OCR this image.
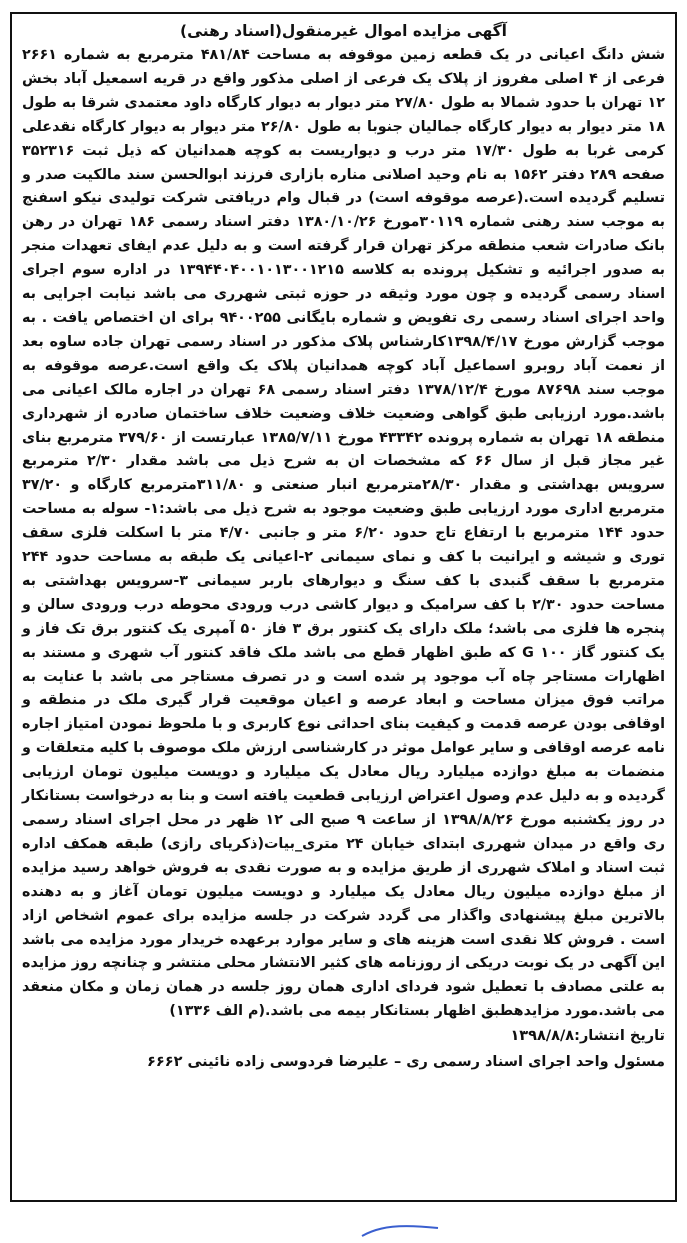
آگهی مزایده اموال غیرمنقول(اسناد رهنی)

شش دانگ اعیانی در یک قطعه زمین موقوفه به مساحت ۴۸۱/۸۴ مترمربع به شماره ۲۶۶۱ فرعی از ۴ اصلی مفروز از پلاک یک فرعی از اصلی مذکور واقع در قریه اسمعیل آباد بخش ۱۲ تهران با حدود شمالا به طول ۲۷/۸۰ متر دیوار به دیوار کارگاه داود معتمدی شرقا به طول ۱۸ متر دیوار به دیوار کارگاه جمالیان جنوبا به طول ۲۶/۸۰ متر دیوار به دیوار کارگاه نقدعلی کرمی غربا به طول ۱۷/۳۰ متر درب و دیواریست به کوچه همدانیان که ذیل ثبت ۳۵۲۳۱۶ صفحه ۲۸۹ دفتر ۱۵۶۲ به نام وحید اصلانی مناره بازاری فرزند ابوالحسن سند مالکیت صدر و تسلیم گردیده است.(عرصه موقوفه است) در قبال وام دریافتی شرکت تولیدی نیکو اسفنج به موجب سند رهنی شماره ۳۰۱۱۹مورخ ۱۳۸۰/۱۰/۲۶ دفتر اسناد رسمی ۱۸۶ تهران در رهن بانک صادرات شعب منطقه مرکز تهران قرار گرفته است و به دلیل عدم ایفای تعهدات منجر به صدور اجرائیه و تشکیل پرونده به کلاسه ۱۳۹۴۴۰۴۰۰۱۰۱۳۰۰۱۲۱۵ در اداره سوم اجرای اسناد رسمی گردیده و چون مورد وثیقه در حوزه ثبتی شهرری می باشد نیابت اجرایی به واحد اجرای اسناد رسمی ری تفویض و شماره بایگانی ۹۴۰۰۲۵۵ برای ان اختصاص یافت . به موجب گزارش مورخ ۱۳۹۸/۴/۱۷کارشناس پلاک مذکور در اسناد رسمی تهران جاده ساوه بعد از نعمت آباد روبرو اسماعیل آباد کوچه همدانیان پلاک یک واقع است.عرصه موقوفه به موجب سند ۸۷۶۹۸ مورخ ۱۳۷۸/۱۲/۴ دفتر اسناد رسمی ۶۸ تهران در اجاره مالک اعیانی می باشد.مورد ارزیابی طبق گواهی وضعیت خلاف وضعیت خلاف ساختمان صادره از شهرداری منطقه ۱۸ تهران به شماره پرونده ۴۳۳۴۲ مورخ ۱۳۸۵/۷/۱۱ عبارتست از ۳۷۹/۶۰ مترمربع بنای غیر مجاز قبل از سال ۶۶ که مشخصات ان به شرح ذیل می باشد مقدار ۲/۳۰ مترمربع سرویس بهداشتی و مقدار ۲۸/۳۰مترمربع انبار صنعتی و ۳۱۱/۸۰مترمربع کارگاه و ۳۷/۲۰ مترمربع اداری مورد ارزیابی طبق وضعیت موجود به شرح ذیل می باشد:۱- سوله به مساحت حدود ۱۴۴ مترمربع با ارتفاع تاج حدود ۶/۲۰ متر و جانبی ۴/۷۰ متر با اسکلت فلزی سقف توری و شیشه و ایرانیت با کف و نمای سیمانی ۲-اعیانی یک طبقه به مساحت حدود ۲۴۴ مترمربع با سقف گنبدی با کف سنگ و دیوارهای باربر سیمانی ۳-سرویس بهداشتی به مساحت حدود ۲/۳۰ با کف سرامیک و دیوار کاشی درب ورودی محوطه درب ورودی سالن و پنجره ها فلزی می باشد؛ ملک دارای یک کنتور برق ۳ فاز ۵۰ آمپری یک کنتور برق تک فاز و یک کنتور گاز ۱۰۰ G که طبق اظهار قطع می باشد ملک فاقد کنتور آب شهری و مستند به اظهارات مستاجر چاه آب موجود پر شده است و در تصرف مستاجر می باشد با عنایت به مراتب فوق میزان مساحت و ابعاد عرصه و اعیان موقعیت قرار گیری ملک در منطقه و اوقافی بودن عرصه قدمت و کیفیت بنای احداثی نوع کاربری و با ملحوظ نمودن امتیاز اجاره نامه عرصه اوقافی و سایر عوامل موثر در کارشناسی ارزش ملک موصوف با کلیه متعلقات و منضمات به مبلغ دوازده میلیارد ریال معادل یک میلیارد و دویست میلیون تومان ارزیابی گردیده و به دلیل عدم وصول اعتراض ارزیابی قطعیت یافته است و بنا به درخواست بستانکار در روز یکشنبه مورخ ۱۳۹۸/۸/۲۶ از ساعت ۹ صبح الی ۱۲ ظهر در محل اجرای اسناد رسمی ری واقع در میدان شهرری ابتدای خیابان ۲۴ متری_بیات(ذکریای رازی) طبقه همکف اداره ثبت اسناد و املاک شهرری از طریق مزایده و به صورت نقدی به فروش خواهد رسید مزایده از مبلغ دوازده میلیون ریال معادل یک میلیارد و دویست میلیون تومان آغاز و به دهنده بالاترین مبلغ پیشنهادی واگذار می گردد شرکت در جلسه مزایده برای عموم اشخاص ازاد است . فروش کلا نقدی است هزینه های و سایر موارد برعهده خریدار مورد مزایده می باشد این آگهی در یک نوبت دریکی از روزنامه های کثیر الانتشار محلی منتشر و چنانچه روز مزایده به علتی مصادف با تعطیل شود فردای اداری همان روز جلسه در همان زمان و مکان منعقد می باشد.مورد مزایدهطبق اظهار بستانکار بیمه می باشد.(م الف ۱۳۳۶)

تاریخ انتشار:۱۳۹۸/۸/۸

مسئول واحد اجرای اسناد رسمی ری – علیرضا فردوسی زاده نائینی ۶۶۶۲
